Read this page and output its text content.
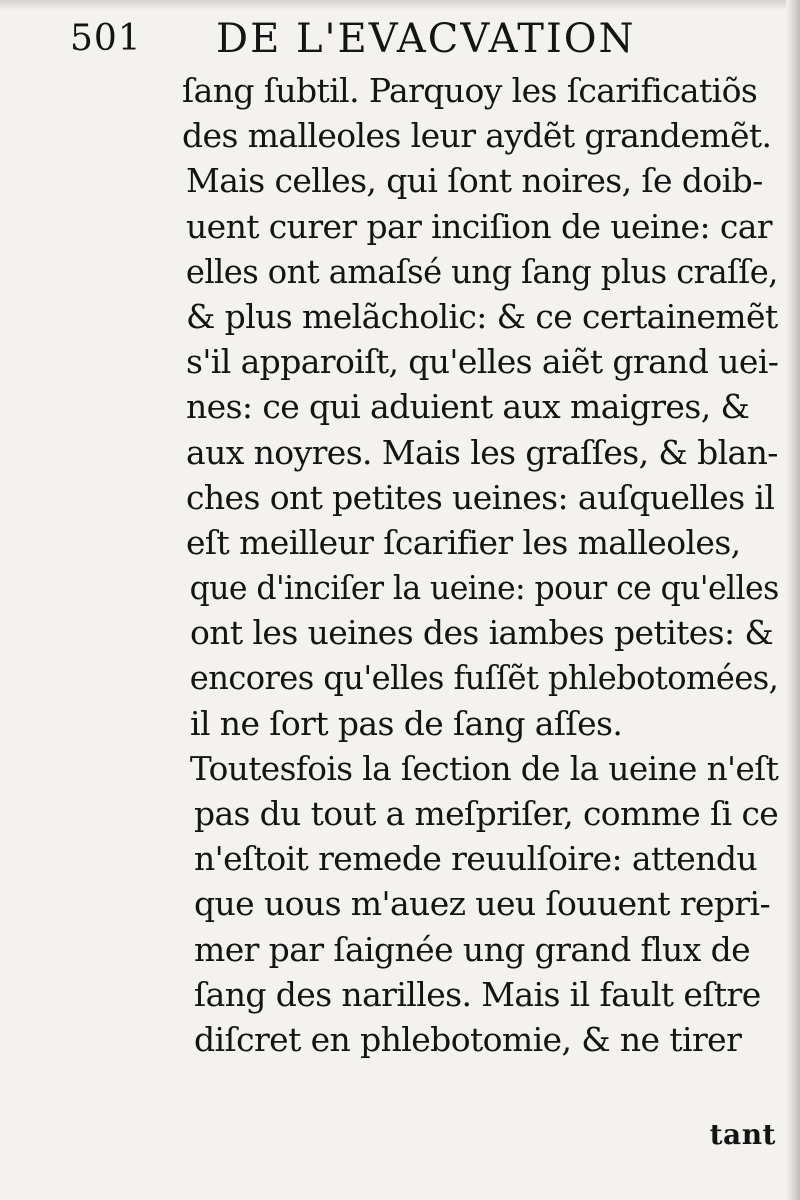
501 DE L'EVACVATION
ſang ſubtil. Parquoy les ſcarificatiõs
des malleoles leur aydẽt grandemẽt.
Mais celles, qui ſont noires, ſe doib-
uent curer par inciſion de ueine: car
elles ont amaſsé ung ſang plus craſſe,
& plus melãcholic: & ce certainemẽt
s'il apparoiſt, qu'elles aiẽt grand uei-
nes: ce qui aduient aux maigres, &
aux noyres. Mais les graſſes, & blan-
ches ont petites ueines: auſquelles il
eſt meilleur ſcarifier les malleoles,
que d'inciſer la ueine: pour ce qu'elles
ont les ueines des iambes petites: &
encores qu'elles fuſſẽt phlebotomées,
il ne ſort pas de ſang aſſes.
Toutesfois la ſection de la ueine n'eſt
pas du tout a meſpriſer, comme ſi ce
n'eſtoit remede reuulſoire: attendu
que uous m'auez ueu ſouuent repri-
mer par ſaignée ung grand flux de
ſang des narilles. Mais il fault eſtre
diſcret en phlebotomie, & ne tirer
tant
